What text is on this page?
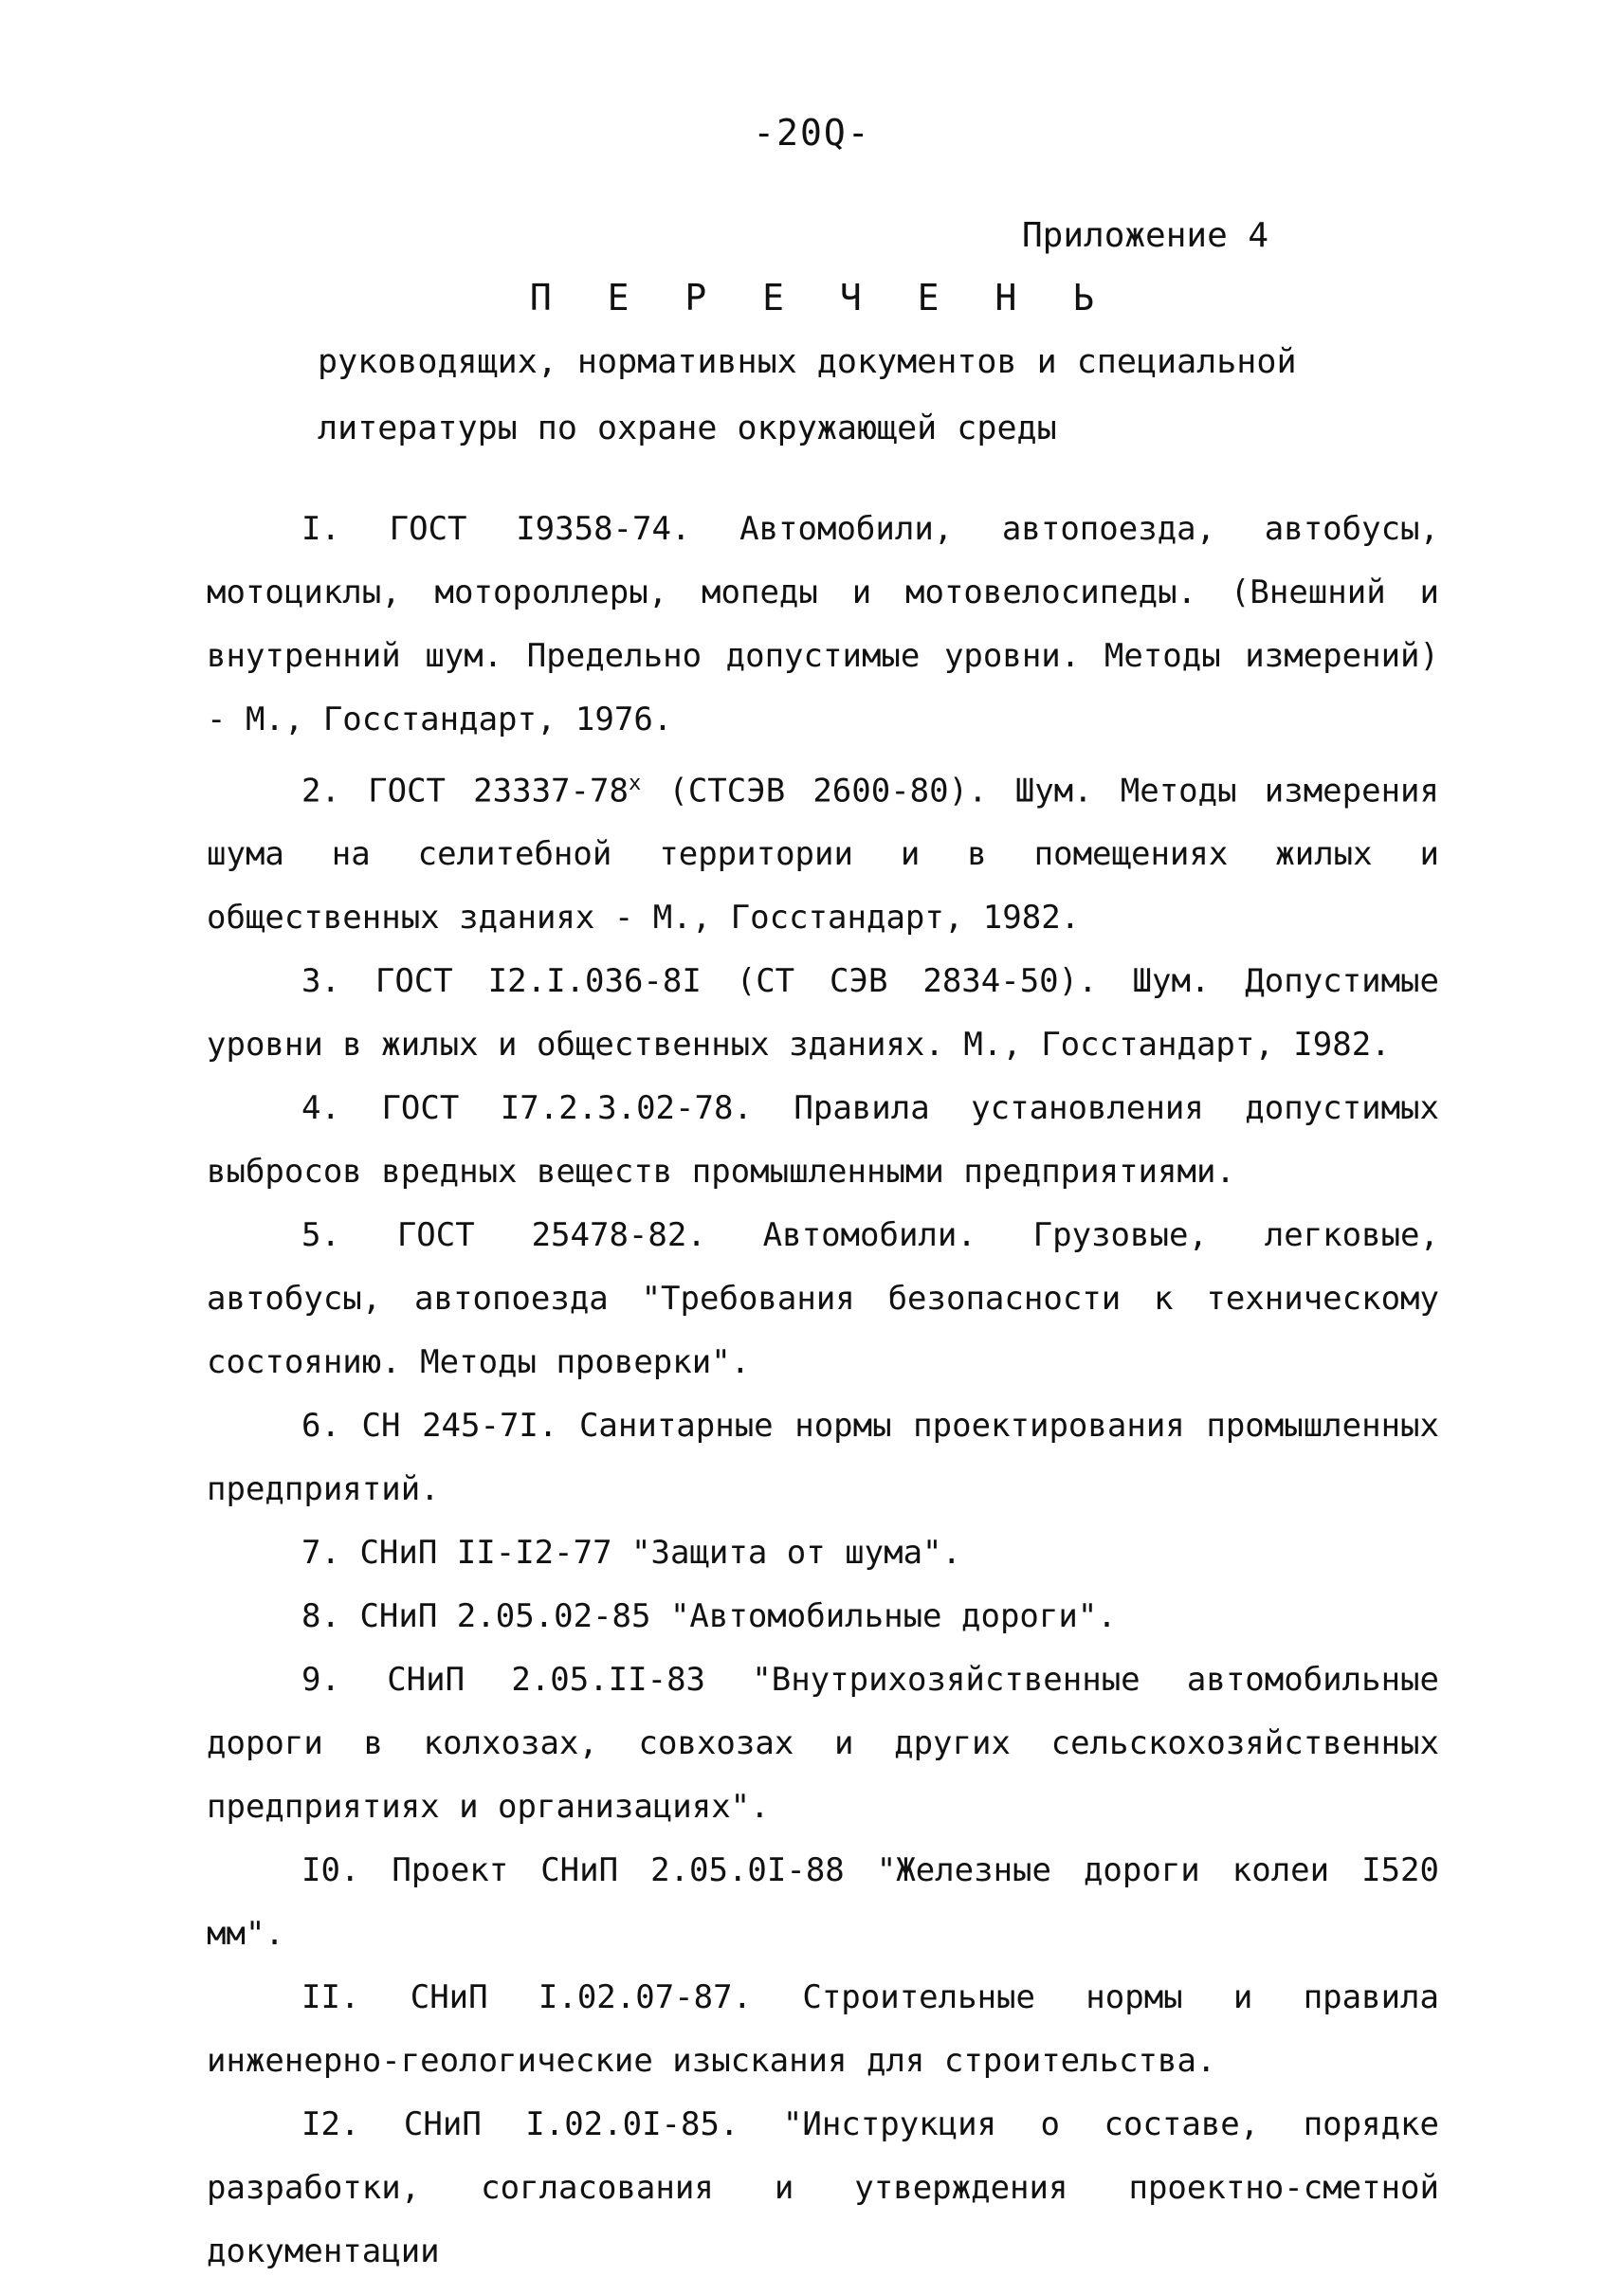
-20Q-
Приложение 4
П Е Р Е Ч Е Н Ь
руководящих, нормативных документов и специальной
литературы по охране окружающей среды

I. ГОСТ I9358-74. Автомобили, автопоезда, автобусы, мотоциклы, мотороллеры, мопеды и мотовелосипеды. (Внешний и внутренний шум. Предельно допустимые уровни. Методы измерений) - М., Госстандарт, 1976.

2. ГОСТ $23337-78^х$ (СТСЭВ 2600-80). Шум. Методы измерения шума на селитебной территории и в помещениях жилых и общественных зданиях - М., Госстандарт, 1982.

3. ГОСТ I2.I.036-8I (СТ СЭВ 2834-50). Шум. Допустимые уровни в жилых и общественных зданиях. М., Госстандарт, I982.

4. ГОСТ I7.2.3.02-78. Правила установления допустимых выбросов вредных веществ промышленными предприятиями.

5. ГОСТ 25478-82. Автомобили. Грузовые, легковые, автобусы, автопоезда "Требования безопасности к техническому состоянию. Методы проверки".

6. СН 245-7I. Санитарные нормы проектирования промышленных предприятий.

7. СНиП II-I2-77 "Защита от шума".

8. СНиП 2.05.02-85 "Автомобильные дороги".

9. СНиП 2.05.II-83 "Внутрихозяйственные автомобильные дороги в колхозах, совхозах и других сельскохозяйственных предприятиях и организациях".

I0. Проект СНиП 2.05.0I-88 "Железные дороги колеи I520 мм".

II. СНиП I.02.07-87. Строительные нормы и правила инженерно-геологические изыскания для строительства.

I2. СНиП I.02.0I-85. "Инструкция о составе, порядке разработки, согласования и утверждения проектно-сметной документации
